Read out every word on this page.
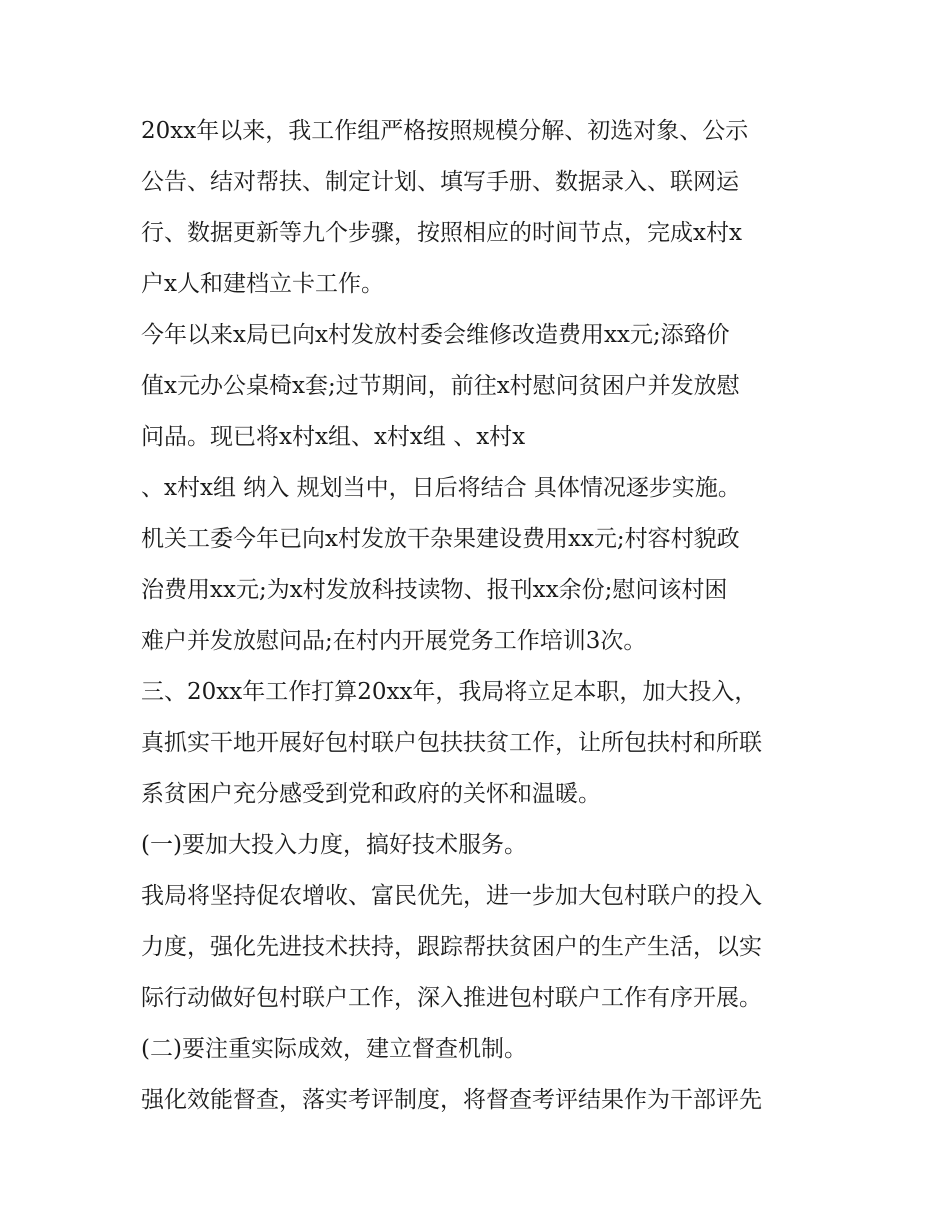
20xx年以来，我工作组严格按照规模分解、初选对象、公示
公告、结对帮扶、制定计划、填写手册、数据录入、联网运
行、数据更新等九个步骤，按照相应的时间节点，完成x村x
户x人和建档立卡工作。
今年以来x局已向x村发放村委会维修改造费用xx元;添臵价
值x元办公桌椅x套;过节期间，前往x村慰问贫困户并发放慰
问品。现已将x村x组、x村x组 、x村x
、x村x组 纳入 规划当中，日后将结合 具体情况逐步实施。
机关工委今年已向x村发放干杂果建设费用xx元;村容村貌政
治费用xx元;为x村发放科技读物、报刊xx余份;慰问该村困
难户并发放慰问品;在村内开展党务工作培训3次。
三、20xx年工作打算20xx年，我局将立足本职，加大投入，
真抓实干地开展好包村联户包扶扶贫工作，让所包扶村和所联
系贫困户充分感受到党和政府的关怀和温暖。
(一)要加大投入力度，搞好技术服务。
我局将坚持促农增收、富民优先，进一步加大包村联户的投入
力度，强化先进技术扶持，跟踪帮扶贫困户的生产生活，以实
际行动做好包村联户工作，深入推进包村联户工作有序开展。
(二)要注重实际成效，建立督查机制。
强化效能督查，落实考评制度，将督查考评结果作为干部评先
